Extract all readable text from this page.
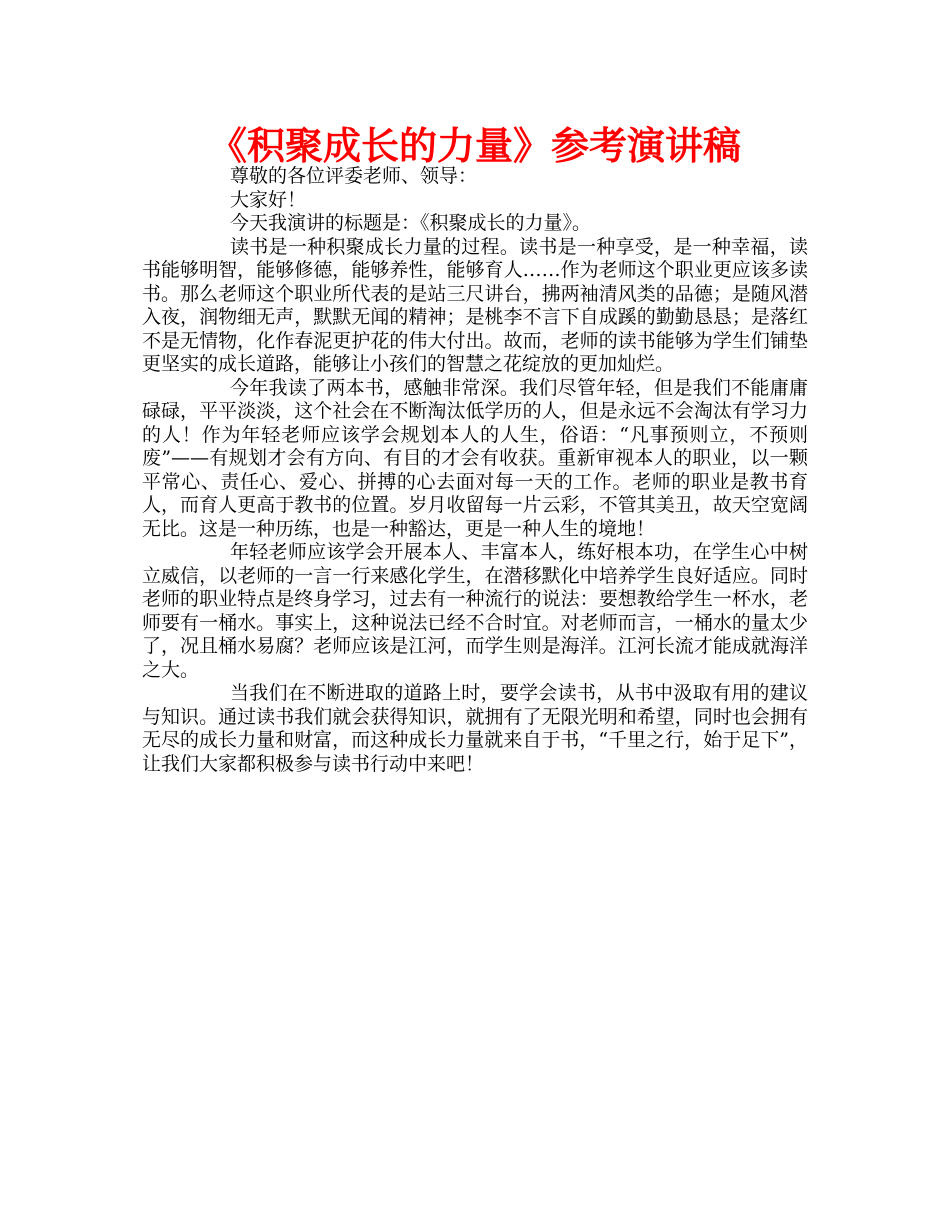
《积聚成长的力量》参考演讲稿

尊敬的各位评委老师、领导：

大家好！

今天我演讲的标题是：《积聚成长的力量》。

读书是一种积聚成长力量的过程。读书是一种享受，是一种幸福，读书能够明智，能够修德，能够养性，能够育人……作为老师这个职业更应该多读书。那么老师这个职业所代表的是站三尺讲台，拂两袖清风类的品德；是随风潜入夜，润物细无声，默默无闻的精神；是桃李不言下自成蹊的勤勤恳恳；是落红不是无情物，化作春泥更护花的伟大付出。故而，老师的读书能够为学生们铺垫更坚实的成长道路，能够让小孩们的智慧之花绽放的更加灿烂。

今年我读了两本书，感触非常深。我们尽管年轻，但是我们不能庸庸碌碌，平平淡淡，这个社会在不断淘汰低学历的人，但是永远不会淘汰有学习力的人！作为年轻老师应该学会规划本人的人生，俗语：“凡事预则立，不预则废”——有规划才会有方向、有目的才会有收获。重新审视本人的职业，以一颗平常心、责任心、爱心、拼搏的心去面对每一天的工作。老师的职业是教书育人，而育人更高于教书的位置。岁月收留每一片云彩，不管其美丑，故天空宽阔无比。这是一种历练，也是一种豁达，更是一种人生的境地！

年轻老师应该学会开展本人、丰富本人，练好根本功，在学生心中树立威信，以老师的一言一行来感化学生，在潜移默化中培养学生良好适应。同时老师的职业特点是终身学习，过去有一种流行的说法：要想教给学生一杯水，老师要有一桶水。事实上，这种说法已经不合时宜。对老师而言，一桶水的量太少了，况且桶水易腐？老师应该是江河，而学生则是海洋。江河长流才能成就海洋之大。

当我们在不断进取的道路上时，要学会读书，从书中汲取有用的建议与知识。通过读书我们就会获得知识，就拥有了无限光明和希望，同时也会拥有无尽的成长力量和财富，而这种成长力量就来自于书，“千里之行，始于足下”，让我们大家都积极参与读书行动中来吧！
